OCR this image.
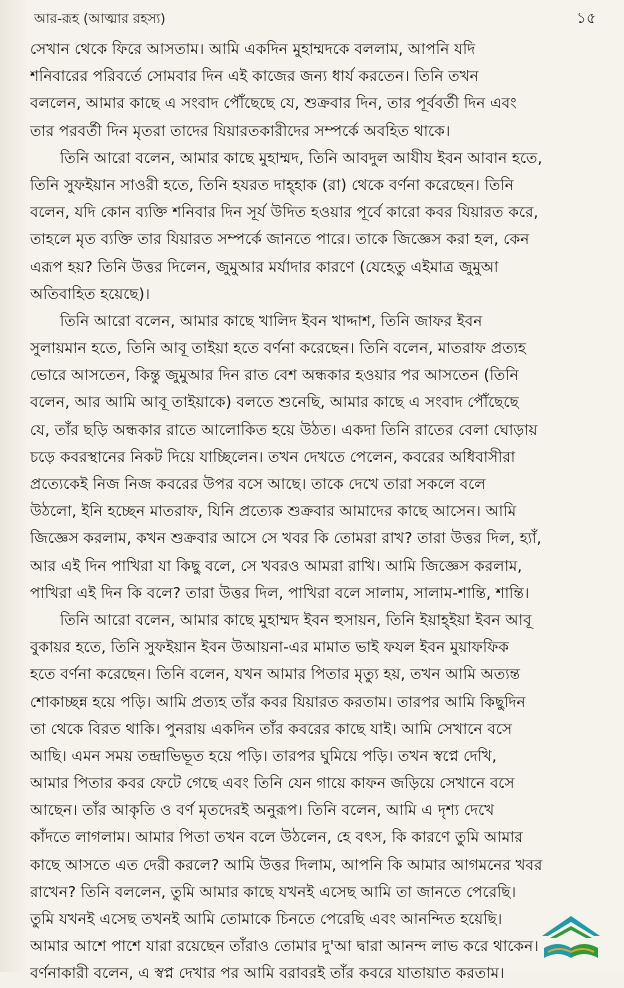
আর-রূহ (আত্মার রহস্য)	১৫
সেখান থেকে ফিরে আসতাম। আমি একদিন মুহাম্মদকে বললাম, আপনি যদি
শনিবারের পরিবর্তে সোমবার দিন এই কাজের জন্য ধার্য করতেন। তিনি তখন
বললেন, আমার কাছে এ সংবাদ পৌঁছেছে যে, শুক্রবার দিন, তার পূর্ববর্তী দিন এবং
তার পরবর্তী দিন মৃতরা তাদের যিয়ারতকারীদের সম্পর্কে অবহিত থাকে।
তিনি আরো বলেন, আমার কাছে মুহাম্মদ, তিনি আবদুল আযীয ইবন আবান হতে,
তিনি সুফইয়ান সাওরী হতে, তিনি হযরত দাহ্হাক (রা) থেকে বর্ণনা করেছেন। তিনি
বলেন, যদি কোন ব্যক্তি শনিবার দিন সূর্য উদিত হওয়ার পূর্বে কারো কবর যিয়ারত করে,
তাহলে মৃত ব্যক্তি তার যিয়ারত সম্পর্কে জানতে পারে। তাকে জিজ্ঞেস করা হল, কেন
এরূপ হয়? তিনি উত্তর দিলেন, জুমুআর মর্যাদার কারণে (যেহেতু এইমাত্র জুমুআ
অতিবাহিত হয়েছে)।
তিনি আরো বলেন, আমার কাছে খালিদ ইবন খাদ্দাশ, তিনি জাফর ইবন
সুলায়মান হতে, তিনি আবূ তাইয়া হতে বর্ণনা করেছেন। তিনি বলেন, মাতরাফ প্রত্যহ
ভোরে আসতেন, কিন্তু জুমুআর দিন রাত বেশ অন্ধকার হওয়ার পর আসতেন (তিনি
বলেন, আর আমি আবূ তাইয়াকে) বলতে শুনেছি, আমার কাছে এ সংবাদ পৌঁছেছে
যে, তাঁর ছড়ি অন্ধকার রাতে আলোকিত হয়ে উঠত। একদা তিনি রাতের বেলা ঘোড়ায়
চড়ে কবরস্থানের নিকট দিয়ে যাচ্ছিলেন। তখন দেখতে পেলেন, কবরের অধিবাসীরা
প্রত্যেকেই নিজ নিজ কবরের উপর বসে আছে। তাকে দেখে তারা সকলে বলে
উঠলো, ইনি হচ্ছেন মাতরাফ, যিনি প্রত্যেক শুক্রবার আমাদের কাছে আসেন। আমি
জিজ্ঞেস করলাম, কখন শুক্রবার আসে সে খবর কি তোমরা রাখ? তারা উত্তর দিল, হ্যাঁ,
আর এই দিন পাখিরা যা কিছু বলে, সে খবরও আমরা রাখি। আমি জিজ্ঞেস করলাম,
পাখিরা এই দিন কি বলে? তারা উত্তর দিল, পাখিরা বলে সালাম, সালাম-শান্তি, শান্তি।
তিনি আরো বলেন, আমার কাছে মুহাম্মদ ইবন হুসায়ন, তিনি ইয়াহ্ইয়া ইবন আবূ
বুকায়র হতে, তিনি সুফইয়ান ইবন উআয়না-এর মামাত ভাই ফযল ইবন মুয়াফফিক
হতে বর্ণনা করেছেন। তিনি বলেন, যখন আমার পিতার মৃত্যু হয়, তখন আমি অত্যন্ত
শোকাচ্ছন্ন হয়ে পড়ি। আমি প্রত্যহ তাঁর কবর যিয়ারত করতাম। তারপর আমি কিছুদিন
তা থেকে বিরত থাকি। পুনরায় একদিন তাঁর কবরের কাছে যাই। আমি সেখানে বসে
আছি। এমন সময় তন্দ্রাভিভূত হয়ে পড়ি। তারপর ঘুমিয়ে পড়ি। তখন স্বপ্নে দেখি,
আমার পিতার কবর ফেটে গেছে এবং তিনি যেন গায়ে কাফন জড়িয়ে সেখানে বসে
আছেন। তাঁর আকৃতি ও বর্ণ মৃতদেরই অনুরূপ। তিনি বলেন, আমি এ দৃশ্য দেখে
কাঁদতে লাগলাম। আমার পিতা তখন বলে উঠলেন, হে বৎস, কি কারণে তুমি আমার
কাছে আসতে এত দেরী করলে? আমি উত্তর দিলাম, আপনি কি আমার আগমনের খবর
রাখেন? তিনি বললেন, তুমি আমার কাছে যখনই এসেছ আমি তা জানতে পেরেছি।
তুমি যখনই এসেছ তখনই আমি তোমাকে চিনতে পেরেছি এবং আনন্দিত হয়েছি।
আমার আশে পাশে যারা রয়েছেন তাঁরাও তোমার দু'আ দ্বারা আনন্দ লাভ করে থাকেন।
বর্ণনাকারী বলেন, এ স্বপ্ন দেখার পর আমি বরাবরই তাঁর কবরে যাতায়াত করতাম।
